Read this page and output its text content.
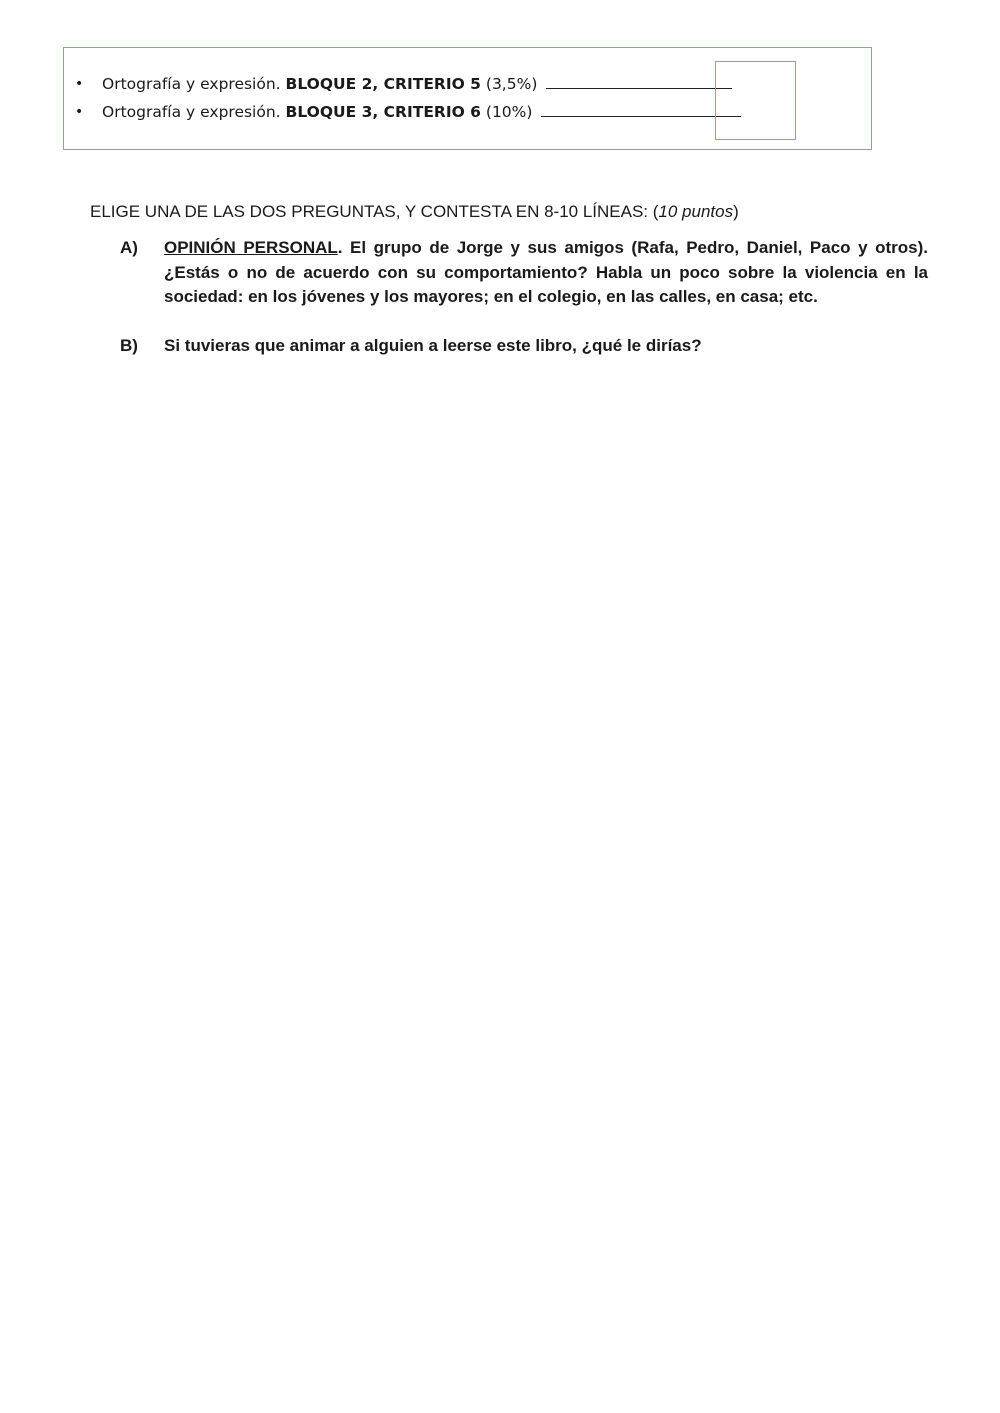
• Ortografía y expresión. BLOQUE 2, CRITERIO 5 (3,5%)
• Ortografía y expresión. BLOQUE 3, CRITERIO 6 (10%)
ELIGE UNA DE LAS DOS PREGUNTAS, Y CONTESTA EN 8-10 LÍNEAS: (10 puntos)
A) OPINIÓN PERSONAL. El grupo de Jorge y sus amigos (Rafa, Pedro, Daniel, Paco y otros). ¿Estás o no de acuerdo con su comportamiento? Habla un poco sobre la violencia en la sociedad: en los jóvenes y los mayores; en el colegio, en las calles, en casa; etc.
B) Si tuvieras que animar a alguien a leerse este libro, ¿qué le dirías?
